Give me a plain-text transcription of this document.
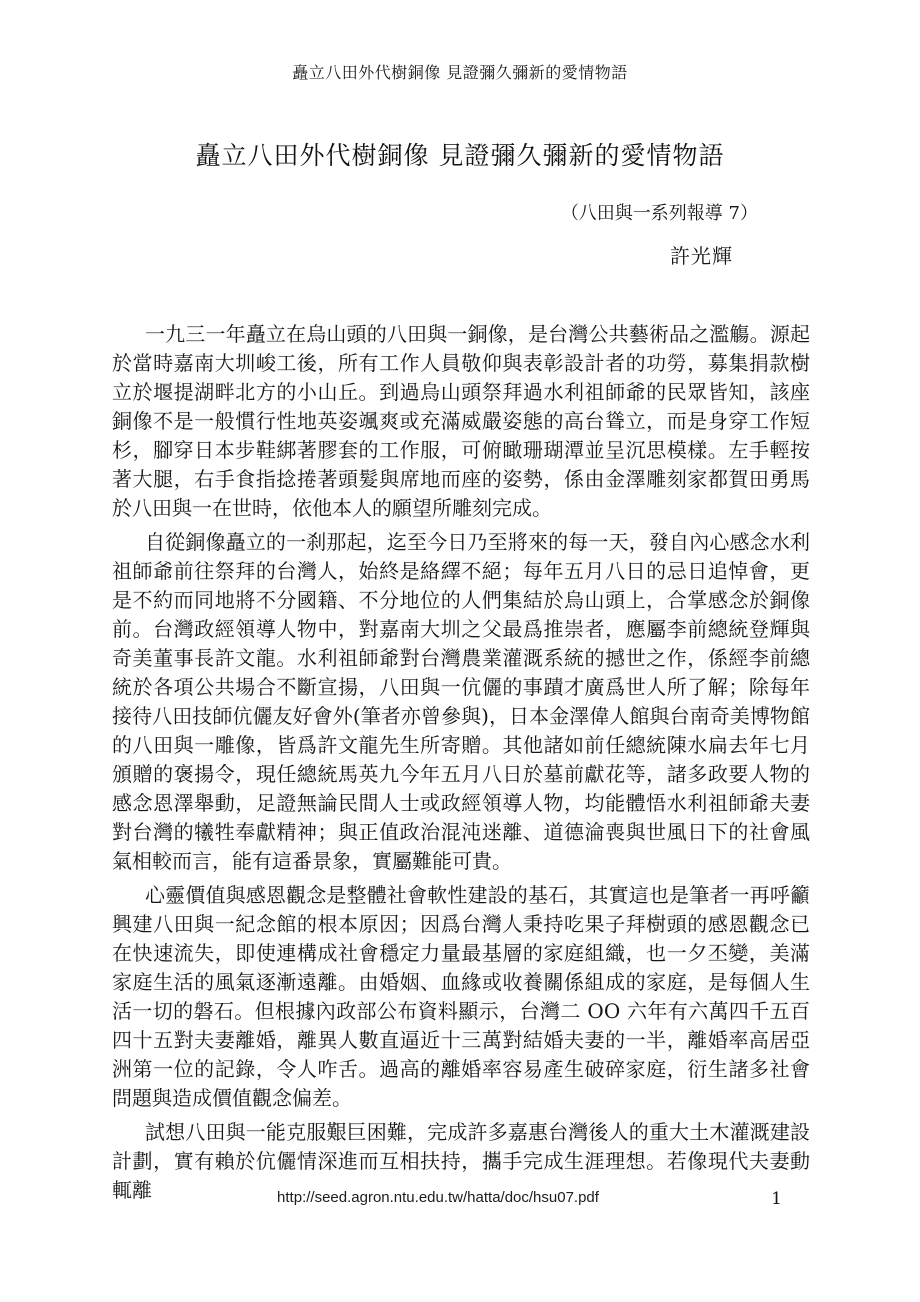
矗立八田外代樹銅像 見證彌久彌新的愛情物語
矗立八田外代樹銅像 見證彌久彌新的愛情物語
（八田與一系列報導 7）
許光輝

一九三一年矗立在烏山頭的八田與一銅像，是台灣公共藝術品之濫觴。源起於當時嘉南大圳峻工後，所有工作人員敬仰與表彰設計者的功勞，募集捐款樹立於堰提湖畔北方的小山丘。到過烏山頭祭拜過水利祖師爺的民眾皆知，該座銅像不是一般慣行性地英姿颯爽或充滿威嚴姿態的高台聳立，而是身穿工作短杉，腳穿日本步鞋綁著膠套的工作服，可俯瞰珊瑚潭並呈沉思模樣。左手輕按著大腿，右手食指捻捲著頭髮與席地而座的姿勢，係由金澤雕刻家都賀田勇馬於八田與一在世時，依他本人的願望所雕刻完成。

自從銅像矗立的一刹那起，迄至今日乃至將來的每一天，發自內心感念水利祖師爺前往祭拜的台灣人，始終是絡繹不絕；每年五月八日的忌日追悼會，更是不約而同地將不分國籍、不分地位的人們集結於烏山頭上，合掌感念於銅像前。台灣政經領導人物中，對嘉南大圳之父最爲推崇者，應屬李前總統登輝與奇美董事長許文龍。水利祖師爺對台灣農業灌溉系統的撼世之作，係經李前總統於各項公共場合不斷宣揚，八田與一伉儷的事蹟才廣爲世人所了解；除每年接待八田技師伉儷友好會外(筆者亦曾參與)，日本金澤偉人館與台南奇美博物館的八田與一雕像，皆爲許文龍先生所寄贈。其他諸如前任總統陳水扁去年七月頒贈的褒揚令，現任總統馬英九今年五月八日於墓前獻花等，諸多政要人物的感念恩澤舉動，足證無論民間人士或政經領導人物，均能體悟水利祖師爺夫妻對台灣的犧牲奉獻精神；與正值政治混沌迷離、道德淪喪與世風日下的社會風氣相較而言，能有這番景象，實屬難能可貴。

心靈價值與感恩觀念是整體社會軟性建設的基石，其實這也是筆者一再呼籲興建八田與一紀念館的根本原因；因爲台灣人秉持吃果子拜樹頭的感恩觀念已在快速流失，即使連構成社會穩定力量最基層的家庭組織，也一夕丕變，美滿家庭生活的風氣逐漸遠離。由婚姻、血緣或收養關係組成的家庭，是每個人生活一切的磐石。但根據內政部公布資料顯示，台灣二 OO 六年有六萬四千五百四十五對夫妻離婚，離異人數直逼近十三萬對結婚夫妻的一半，離婚率高居亞洲第一位的記錄，令人咋舌。過高的離婚率容易產生破碎家庭，衍生諸多社會問題與造成價值觀念偏差。

試想八田與一能克服艱巨困難，完成許多嘉惠台灣後人的重大土木灌溉建設計劃，實有賴於伉儷情深進而互相扶持，攜手完成生涯理想。若像現代夫妻動輒離	http://seed.agron.ntu.edu.tw/hatta/doc/hsu07.pdf	1
